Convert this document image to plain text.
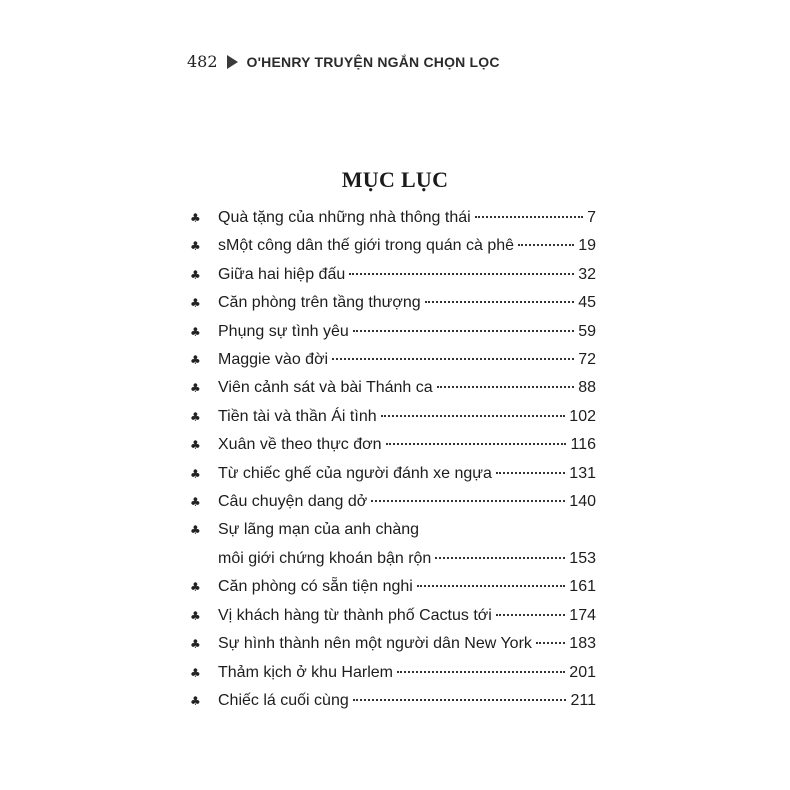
482 O'HENRY TRUYỆN NGẮN CHỌN LỌC
MỤC LỤC
♣	Quà tặng của những nhà thông thái	7
♣	sMột công dân thế giới trong quán cà phê	19
♣	Giữa hai hiệp đấu	32
♣	Căn phòng trên tầng thượng	45
♣	Phụng sự tình yêu	59
♣	Maggie vào đời	72
♣	Viên cảnh sát và bài Thánh ca	88
♣	Tiền tài và thần Ái tình	102
♣	Xuân về theo thực đơn	116
♣	Từ chiếc ghế của người đánh xe ngựa	131
♣	Câu chuyện dang dở	140
♣	Sự lãng mạn của anh chàng
môi giới chứng khoán bận rộn	153
♣	Căn phòng có sẵn tiện nghi	161
♣	Vị khách hàng từ thành phố Cactus tới	174
♣	Sự hình thành nên một người dân New York 183
♣	Thảm kịch ở khu Harlem	201
♣	Chiếc lá cuối cùng	211
